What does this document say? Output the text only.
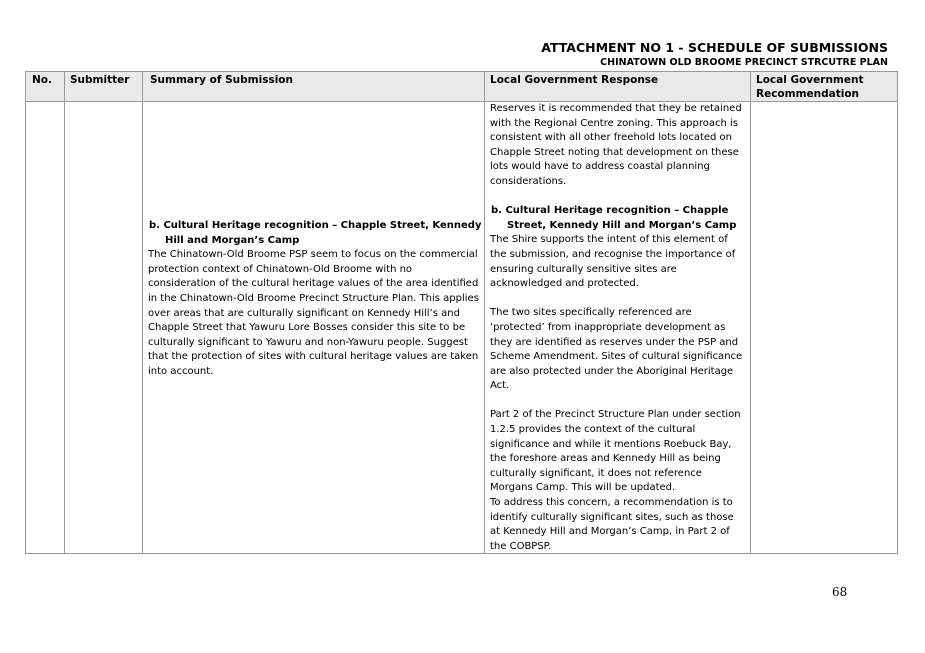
ATTACHMENT NO 1 - SCHEDULE OF SUBMISSIONS
CHINATOWN OLD BROOME PRECINCT STRCUTRE PLAN
No. Submitter Summary of Submission	Local Government Response	Local Government Recommendation

b. Cultural Heritage recognition – Chapple Street, Kennedy Hill and Morgan’s Camp

The Chinatown-Old Broome PSP seem to focus on the commercial protection context of Chinatown-Old Broome with no consideration of the cultural heritage values of the area identified in the Chinatown-Old Broome Precinct Structure Plan. This applies over areas that are culturally significant on Kennedy Hill’s and Chapple Street that Yawuru Lore Bosses consider this site to be culturally significant to Yawuru and non-Yawuru people. Suggest that the protection of sites with cultural heritage values are taken into account.

Reserves it is recommended that they be retained with the Regional Centre zoning. This approach is consistent with all other freehold lots located on Chapple Street noting that development on these lots would have to address coastal planning considerations.

b. Cultural Heritage recognition – Chapple Street, Kennedy Hill and Morgan’s Camp

The Shire supports the intent of this element of the submission, and recognise the importance of ensuring culturally sensitive sites are acknowledged and protected.

The two sites specifically referenced are ‘protected’ from inappropriate development as they are identified as reserves under the PSP and Scheme Amendment. Sites of cultural significance are also protected under the Aboriginal Heritage Act.

Part 2 of the Precinct Structure Plan under section 1.2.5 provides the context of the cultural significance and while it mentions Roebuck Bay, the foreshore areas and Kennedy Hill as being culturally significant, it does not reference Morgans Camp. This will be updated.

To address this concern, a recommendation is to identify culturally significant sites, such as those at Kennedy Hill and Morgan’s Camp, in Part 2 of the COBPSP.

68
